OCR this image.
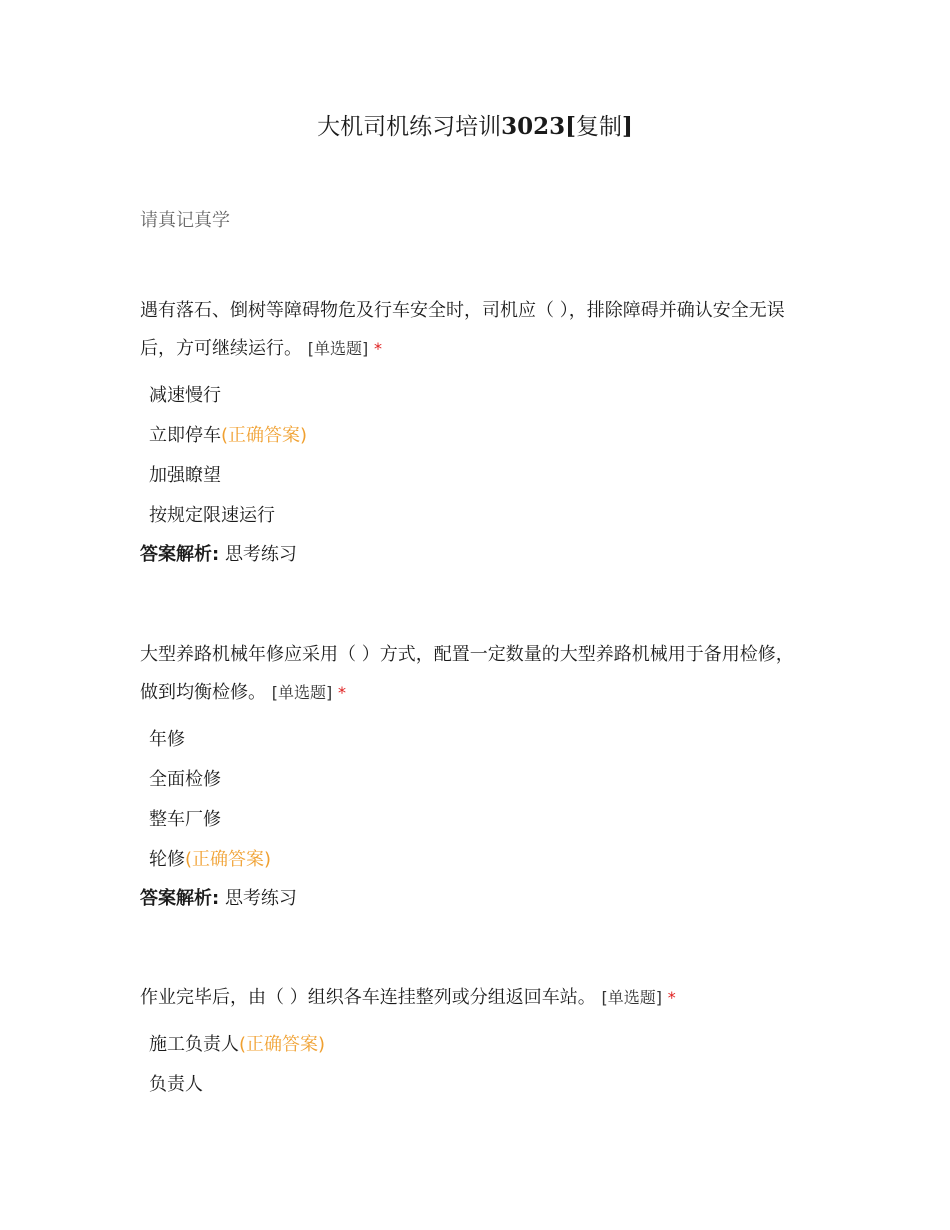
大机司机练习培训3023[复制]
请真记真学

遇有落石、倒树等障碍物危及行车安全时，司机应（ ），排除障碍并确认安全无误后，方可继续运行。 [单选题] *

减速慢行
立即停车(正确答案)
加强瞭望
按规定限速运行
答案解析: 思考练习

大型养路机械年修应采用（ ）方式，配置一定数量的大型养路机械用于备用检修，做到均衡检修。 [单选题] *

年修
全面检修
整车厂修
轮修(正确答案)
答案解析: 思考练习

作业完毕后，由（ ）组织各车连挂整列或分组返回车站。 [单选题] *

施工负责人(正确答案)
负责人
